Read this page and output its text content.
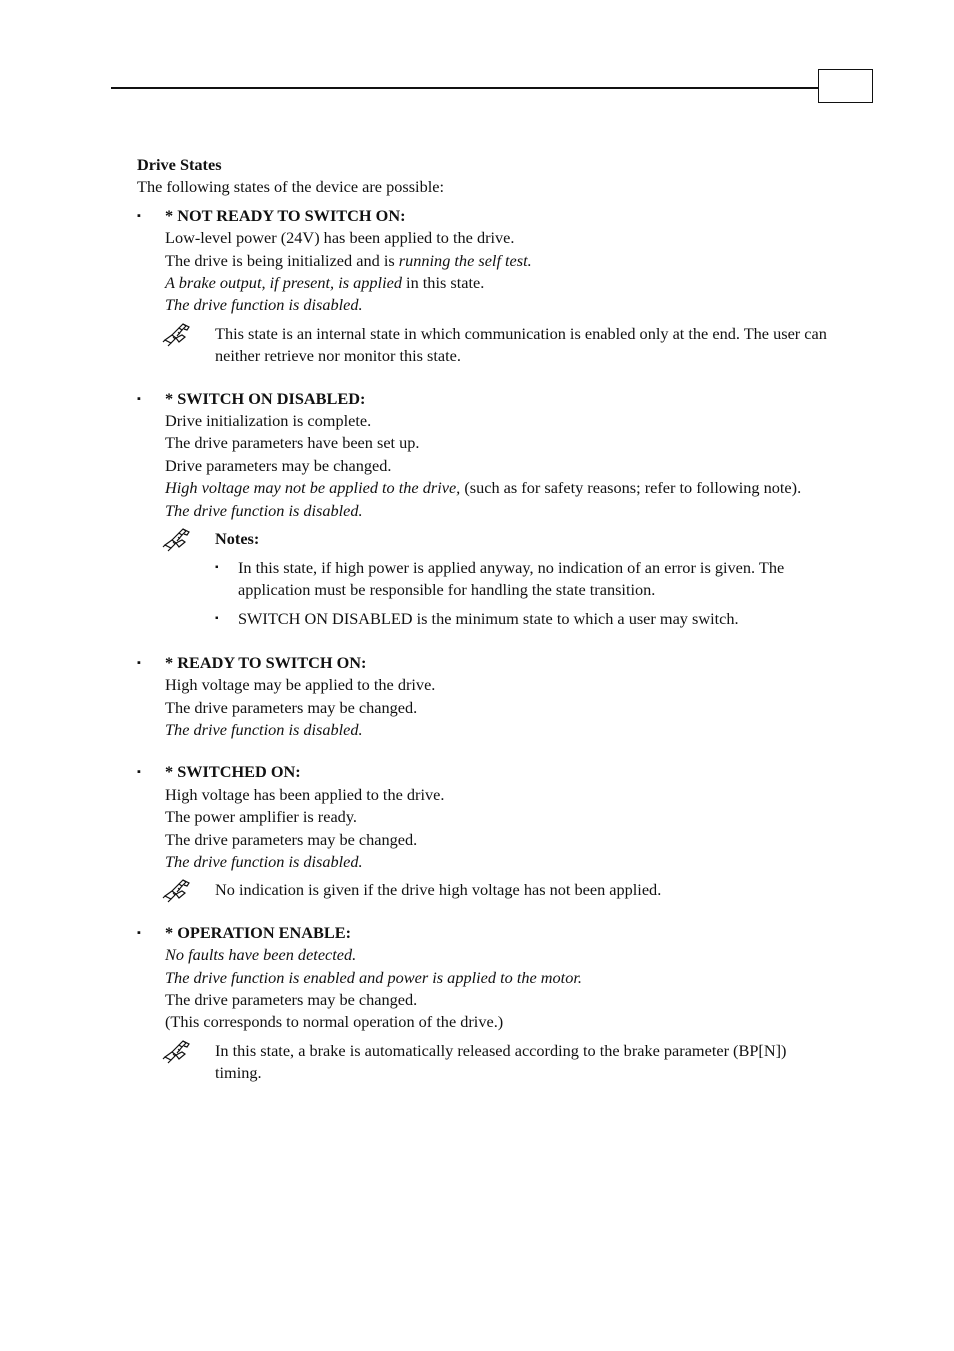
Drive States
The following states of the device are possible:
▪ * NOT READY TO SWITCH ON:
Low-level power (24V) has been applied to the drive.
The drive is being initialized and is running the self test.
A brake output, if present, is applied in this state.
The drive function is disabled.
This state is an internal state in which communication is enabled only at the end. The user can neither retrieve nor monitor this state.
▪ * SWITCH ON DISABLED:
Drive initialization is complete.
The drive parameters have been set up.
Drive parameters may be changed.
High voltage may not be applied to the drive, (such as for safety reasons; refer to following note).
The drive function is disabled.
Notes:
▪ In this state, if high power is applied anyway, no indication of an error is given. The application must be responsible for handling the state transition.
▪ SWITCH ON DISABLED is the minimum state to which a user may switch.
▪ * READY TO SWITCH ON:
High voltage may be applied to the drive.
The drive parameters may be changed.
The drive function is disabled.
▪ * SWITCHED ON:
High voltage has been applied to the drive.
The power amplifier is ready.
The drive parameters may be changed.
The drive function is disabled.
No indication is given if the drive high voltage has not been applied.
▪ * OPERATION ENABLE:
No faults have been detected.
The drive function is enabled and power is applied to the motor.
The drive parameters may be changed.
(This corresponds to normal operation of the drive.)
In this state, a brake is automatically released according to the brake parameter (BP[N]) timing.
